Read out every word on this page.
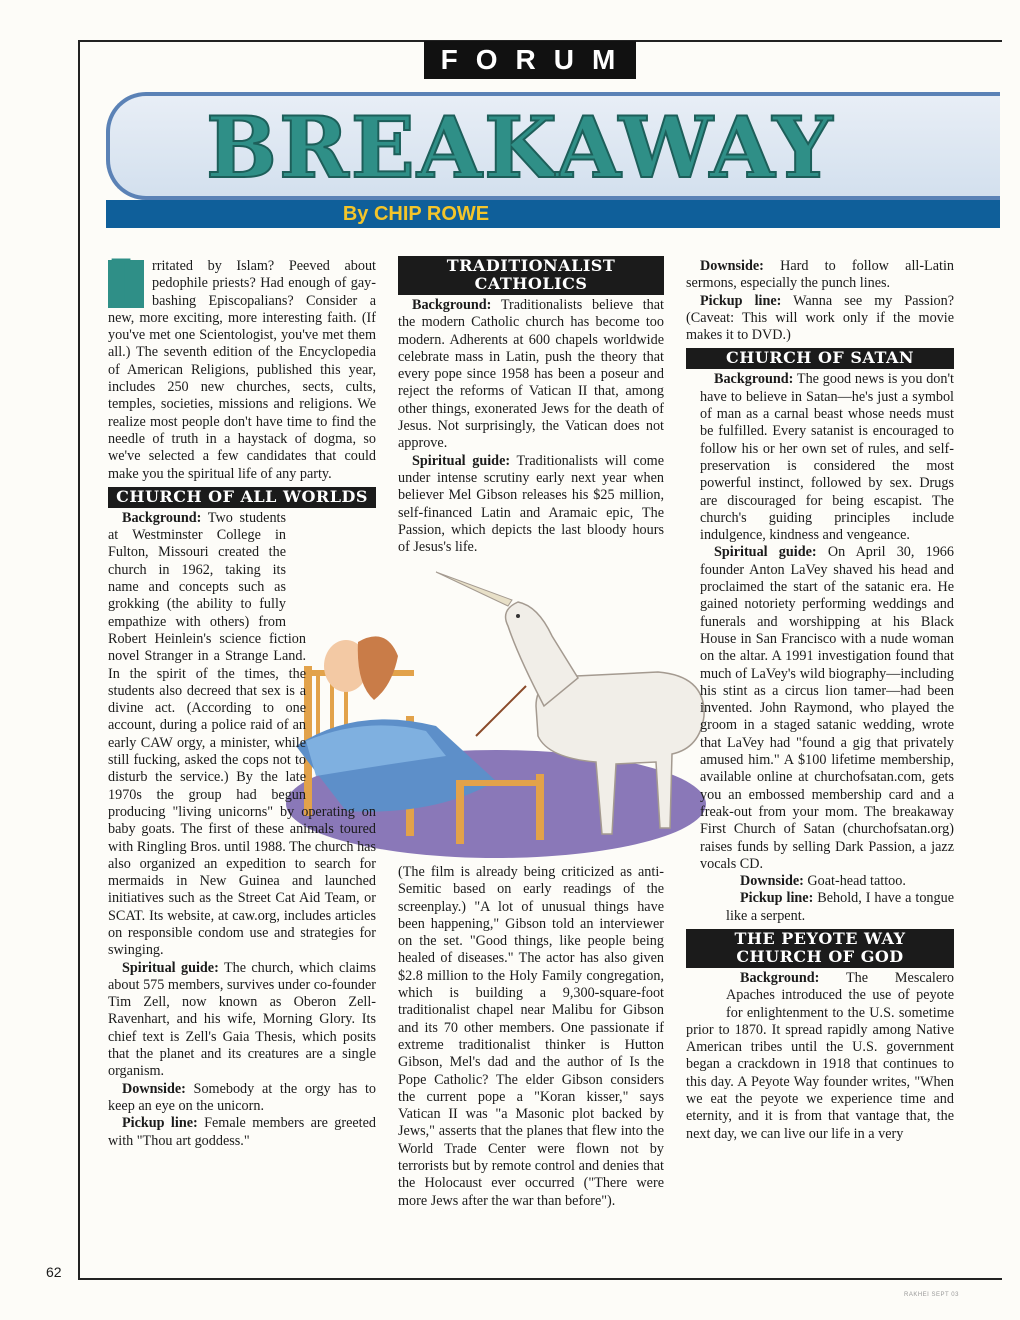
FORUM
BREAKAWAY
By CHIP ROWE

I	rritated by Islam? Peeved about pedophile priests? Had enough of gay-bashing Episcopalians? Consider a new, more exciting, more interesting faith. (If you've met one Scientologist, you've met them all.) The seventh edition of the Encyclopedia of American Religions, published this year, includes 250 new churches, sects, cults, temples, societies, missions and religions. We realize most people don't have time to find the needle of truth in a haystack of dogma, so we've selected a few candidates that could make you the spiritual life of any party.

CHURCH OF ALL WORLDS

Background: Two students at Westminster College in Fulton, Missouri created the church in 1962, taking its name and concepts such as grokking (the ability to fully empathize with others) from Robert Heinlein's science fiction novel Stranger in a Strange Land. In the spirit of the times, the students also decreed that sex is a divine act. (According to one account, during a police raid of an early CAW orgy, a minister, while still fucking, asked the cops not to disturb the service.) By the late 1970s the group had begun producing "living unicorns" by operating on baby goats. The first of these animals toured with Ringling Bros. until 1988. The church has also organized an expedition to search for mermaids in New Guinea and launched initiatives such as the Street Cat Aid Team, or SCAT. Its website, at caw.org, includes articles on responsible condom use and strategies for swinging.

Spiritual guide: The church, which claims about 575 members, survives under co-founder Tim Zell, now known as Oberon Zell-Ravenhart, and his wife, Morning Glory. Its chief text is Zell's Gaia Thesis, which posits that the planet and its creatures are a single organism.

Downside: Somebody at the orgy has to keep an eye on the unicorn.

Pickup line: Female members are greeted with "Thou art goddess."

TRADITIONALIST CATHOLICS

Background: Traditionalists believe that the modern Catholic church has become too modern. Adherents at 600 chapels worldwide celebrate mass in Latin, push the theory that every pope since 1958 has been a poseur and reject the reforms of Vatican II that, among other things, exonerated Jews for the death of Jesus. Not surprisingly, the Vatican does not approve.

Spiritual guide: Traditionalists will come under intense scrutiny early next year when believer Mel Gibson releases his $25 million, self-financed Latin and Aramaic epic, The Passion, which depicts the last bloody hours of Jesus's life.

(The film is already being criticized as anti-Semitic based on early readings of the screenplay.) "A lot of unusual things have been happening," Gibson told an interviewer on the set. "Good things, like people being healed of diseases." The actor has also given $2.8 million to the Holy Family congregation, which is building a 9,300-square-foot traditionalist chapel near Malibu for Gibson and its 70 other members. One passionate if extreme traditionalist thinker is Hutton Gibson, Mel's dad and the author of Is the Pope Catholic? The elder Gibson considers the current pope a "Koran kisser," says Vatican II was "a Masonic plot backed by Jews," asserts that the planes that flew into the World Trade Center were flown not by terrorists but by remote control and denies that the Holocaust ever occurred ("There were more Jews after the war than before").

Downside: Hard to follow all-Latin sermons, especially the punch lines.

Pickup line: Wanna see my Passion? (Caveat: This will work only if the movie makes it to DVD.)

CHURCH OF SATAN

Background: The good news is you don't have to believe in Satan—he's just a symbol of man as a carnal beast whose needs must be fulfilled. Every satanist is encouraged to follow his or her own set of rules, and self-preservation is considered the most powerful instinct, followed by sex. Drugs are discouraged for being escapist. The church's guiding principles include indulgence, kindness and vengeance.

Spiritual guide: On April 30, 1966 founder Anton LaVey shaved his head and proclaimed the start of the satanic era. He gained notoriety performing weddings and funerals and worshipping at his Black House in San Francisco with a nude woman on the altar. A 1991 investigation found that much of LaVey's wild biography—including his stint as a circus lion tamer—had been invented. John Raymond, who played the groom in a staged satanic wedding, wrote that LaVey had "found a gig that privately amused him." A $100 lifetime membership, available online at churchofsatan.com, gets you an embossed membership card and a freak-out from your mom. The breakaway First Church of Satan (churchofsatan.org) raises funds by selling Dark Passion, a jazz vocals CD.

Downside: Goat-head tattoo.

Pickup line: Behold, I have a tongue like a serpent.

THE PEYOTE WAY CHURCH OF GOD

Background: The Mescalero Apaches introduced the use of peyote for enlightenment to the U.S. sometime prior to 1870. It spread rapidly among Native American tribes until the U.S. government began a crackdown in 1918 that continues to this day. A Peyote Way founder writes, "When we eat the peyote we experience time and eternity, and it is from that vantage that, the next day, we can live our life in a very

62
RAKHEI SEPT 03
